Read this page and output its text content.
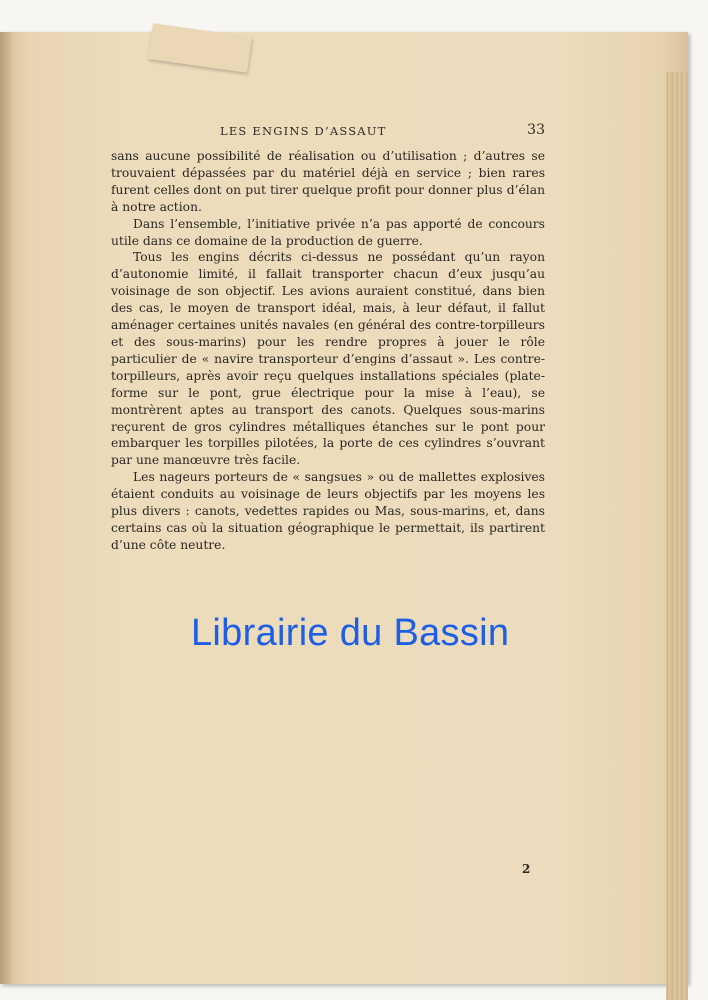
LES ENGINS D’ASSAUT	33

sans aucune possibilité de réalisation ou d’utilisation ; d’autres se trouvaient dépassées par du matériel déjà en service ; bien rares furent celles dont on put tirer quelque profit pour donner plus d’élan à notre action.

Dans l’ensemble, l’initiative privée n’a pas apporté de concours utile dans ce domaine de la production de guerre.

Tous les engins décrits ci-dessus ne possédant qu’un rayon d’autonomie limité, il fallait transporter chacun d’eux jusqu’au voisinage de son objectif. Les avions auraient constitué, dans bien des cas, le moyen de transport idéal, mais, à leur défaut, il fallut aménager certaines unités navales (en général des contre-torpilleurs et des sous-marins) pour les rendre propres à jouer le rôle particulier de « navire transporteur d’engins d’assaut ». Les contre-torpilleurs, après avoir reçu quelques installations spéciales (plate-forme sur le pont, grue électrique pour la mise à l’eau), se montrèrent aptes au transport des canots. Quelques sous-marins reçurent de gros cylindres métalliques étanches sur le pont pour embarquer les torpilles pilotées, la porte de ces cylindres s’ouvrant par une manœuvre très facile.

Les nageurs porteurs de « sangsues » ou de mallettes explosives étaient conduits au voisinage de leurs objectifs par les moyens les plus divers : canots, vedettes rapides ou Mas, sous-marins, et, dans certains cas où la situation géographique le permettait, ils partirent d’une côte neutre.

2
Librairie du Bassin
